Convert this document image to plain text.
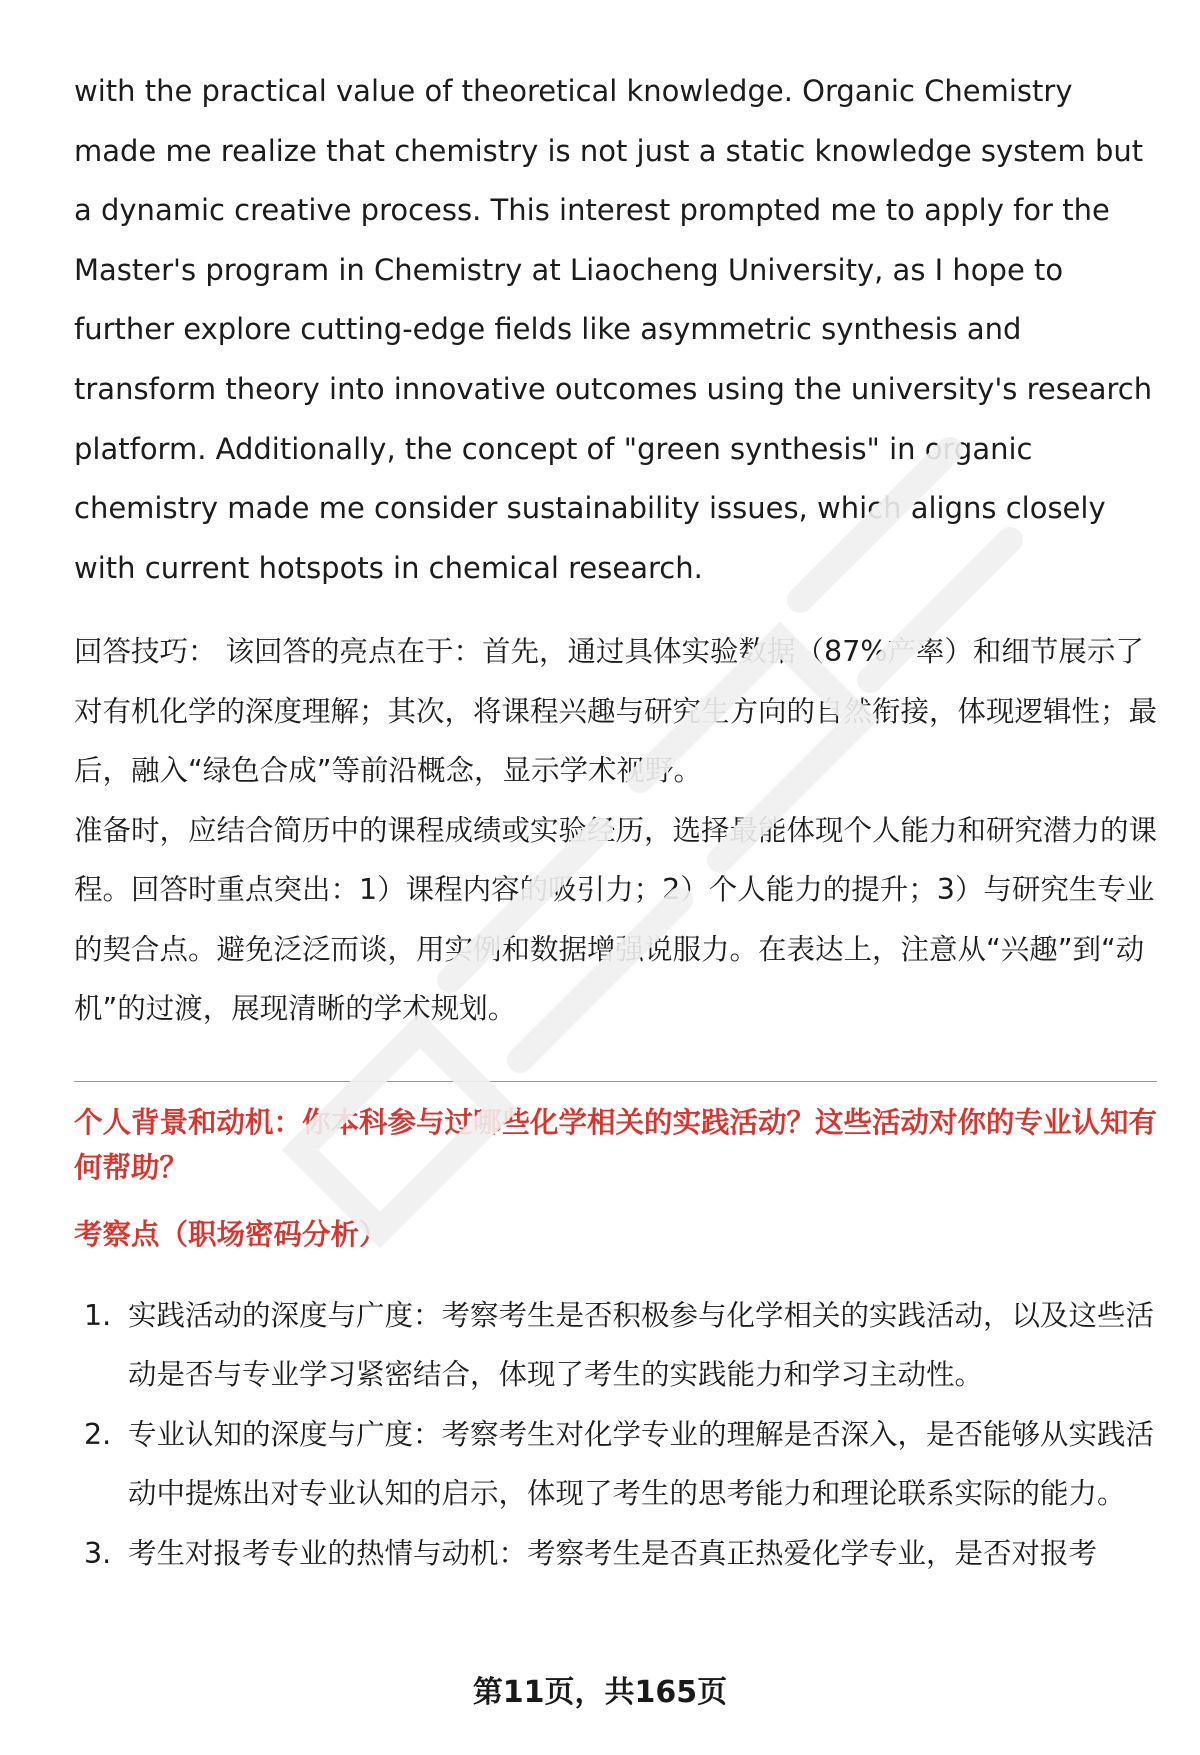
with the practical value of theoretical knowledge. Organic Chemistry made me realize that chemistry is not just a static knowledge system but a dynamic creative process. This interest prompted me to apply for the Master's program in Chemistry at Liaocheng University, as I hope to further explore cutting-edge fields like asymmetric synthesis and transform theory into innovative outcomes using the university's research platform. Additionally, the concept of "green synthesis" in organic chemistry made me consider sustainability issues, which aligns closely with current hotspots in chemical research.

回答技巧： 该回答的亮点在于：首先，通过具体实验数据（87%产率）和细节展示了对有机化学的深度理解；其次，将课程兴趣与研究生方向的自然衔接，体现逻辑性；最后，融入“绿色合成”等前沿概念，显示学术视野。

准备时，应结合简历中的课程成绩或实验经历，选择最能体现个人能力和研究潜力的课程。回答时重点突出：1）课程内容的吸引力；2）个人能力的提升；3）与研究生专业的契合点。避免泛泛而谈，用实例和数据增强说服力。在表达上，注意从“兴趣”到“动机”的过渡，展现清晰的学术规划。

个人背景和动机：你本科参与过哪些化学相关的实践活动？这些活动对你的专业认知有何帮助？

考察点（职场密码分析）

1. 实践活动的深度与广度：考察考生是否积极参与化学相关的实践活动，以及这些活动是否与专业学习紧密结合，体现了考生的实践能力和学习主动性。
2. 专业认知的深度与广度：考察考生对化学专业的理解是否深入，是否能够从实践活动中提炼出对专业认知的启示，体现了考生的思考能力和理论联系实际的能力。
3. 考生对报考专业的热情与动机：考察考生是否真正热爱化学专业，是否对报考
第11页，共165页
